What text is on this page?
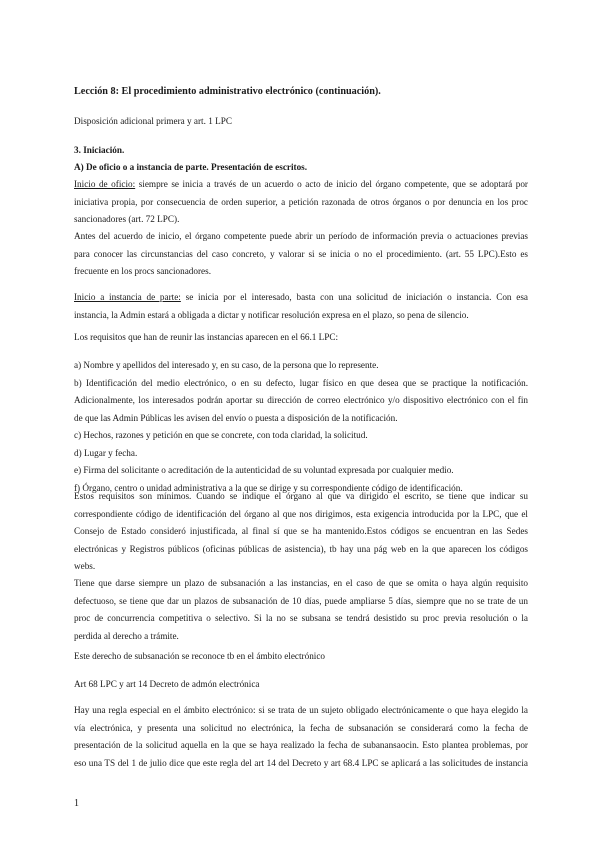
Lección 8: El procedimiento administrativo electrónico (continuación).

Disposición adicional primera y art. 1 LPC

3. Iniciación.

A) De oficio o a instancia de parte. Presentación de escritos.

Inicio de oficio: siempre se inicia a través de un acuerdo o acto de inicio del órgano competente, que se adoptará por
iniciativa propia, por consecuencia de orden superior, a petición razonada de otros órganos o por denuncia en los proc
sancionadores (art. 72 LPC).
Antes del acuerdo de inicio, el órgano competente puede abrir un período de información previa o actuaciones previas
para conocer las circunstancias del caso concreto, y valorar si se inicia o no el procedimiento. (art. 55 LPC).Esto es
frecuente en los procs sancionadores.
Inicio a instancia de parte: se inicia por el interesado, basta con una solicitud de iniciación o instancia. Con esa
instancia, la Admin estará a obligada a dictar y notificar resolución expresa en el plazo, so pena de silencio.

Los requisitos que han de reunir las instancias aparecen en el 66.1 LPC:

a) Nombre y apellidos del interesado y, en su caso, de la persona que lo represente.
b) Identificación del medio electrónico, o en su defecto, lugar físico en que desea que se practique la notificación.
Adicionalmente, los interesados podrán aportar su dirección de correo electrónico y/o dispositivo electrónico con el fin
de que las Admin Públicas les avisen del envío o puesta a disposición de la notificación.
c) Hechos, razones y petición en que se concrete, con toda claridad, la solicitud.
d) Lugar y fecha.
e) Firma del solicitante o acreditación de la autenticidad de su voluntad expresada por cualquier medio.
f) Órgano, centro o unidad administrativa a la que se dirige y su correspondiente código de identificación.
Estos requisitos son mínimos. Cuando se indique el órgano al que va dirigido el escrito, se tiene que indicar su
correspondiente código de identificación del órgano al que nos dirigimos, esta exigencia introducida por la LPC, que el
Consejo de Estado consideró injustificada, al final sí que se ha mantenido.Estos códigos se encuentran en las Sedes
electrónicas y Registros públicos (oficinas públicas de asistencia), tb hay una pág web en la que aparecen los códigos
webs.
Tiene que darse siempre un plazo de subsanación a las instancias, en el caso de que se omita o haya algún requisito
defectuoso, se tiene que dar un plazos de subsanación de 10 días, puede ampliarse 5 días, siempre que no se trate de un
proc de concurrencia competitiva o selectivo. Si la no se subsana se tendrá desistido su proc previa resolución o la
perdida al derecho a trámite.

Este derecho de subsanación se reconoce tb en el ámbito electrónico

Art 68 LPC y art 14 Decreto de admón electrónica

Hay una regla especial en el ámbito electrónico: si se trata de un sujeto obligado electrónicamente o que haya elegido la
vía electrónica, y presenta una solicitud no electrónica, la fecha de subsanación se considerará como la fecha de
presentación de la solicitud aquella en la que se haya realizado la fecha de subanansaocin. Esto plantea problemas, por
eso una TS del 1 de julio dice que este regla del art 14 del Decreto y art 68.4 LPC se aplicará a las solicitudes de instancia
1
